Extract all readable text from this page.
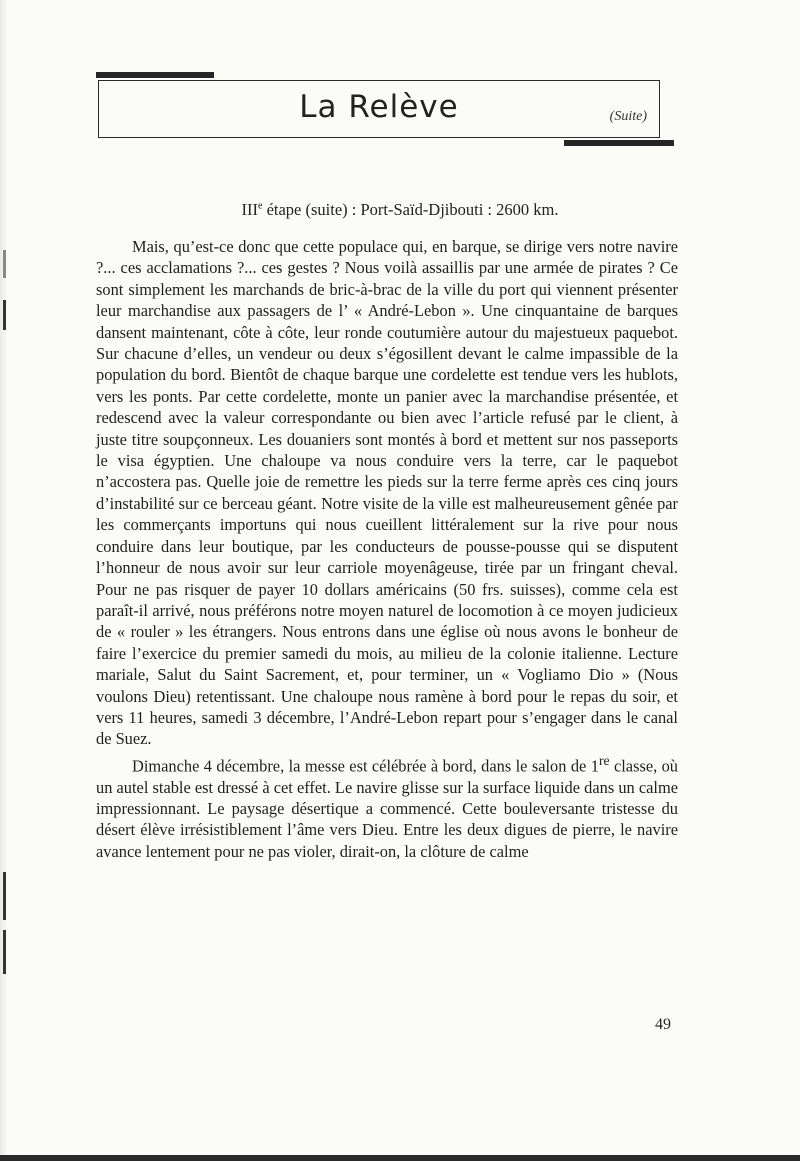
La Relève	(Suite)
IIIe étape (suite) : Port-Saïd-Djibouti : 2600 km.

Mais, qu’est-ce donc que cette populace qui, en barque, se dirige vers notre navire ?... ces acclamations ?... ces gestes ? Nous voilà assaillis par une armée de pirates ? Ce sont simplement les marchands de bric-à-brac de la ville du port qui viennent présenter leur marchandise aux passagers de l’ « André-Lebon ». Une cinquantaine de barques dansent maintenant, côte à côte, leur ronde coutumière autour du majestueux paquebot. Sur chacune d’elles, un vendeur ou deux s’égosillent devant le calme impassible de la population du bord. Bientôt de chaque barque une cordelette est tendue vers les hublots, vers les ponts. Par cette cordelette, monte un panier avec la marchandise présentée, et redescend avec la valeur correspondante ou bien avec l’article refusé par le client, à juste titre soupçonneux. Les douaniers sont montés à bord et mettent sur nos passeports le visa égyptien. Une chaloupe va nous conduire vers la terre, car le paquebot n’accostera pas. Quelle joie de remettre les pieds sur la terre ferme après ces cinq jours d’instabilité sur ce berceau géant. Notre visite de la ville est malheureusement gênée par les commerçants importuns qui nous cueillent littéralement sur la rive pour nous conduire dans leur boutique, par les conducteurs de pousse-pousse qui se disputent l’honneur de nous avoir sur leur carriole moyenâgeuse, tirée par un fringant cheval. Pour ne pas risquer de payer 10 dollars américains (50 frs. suisses), comme cela est paraît-il arrivé, nous préférons notre moyen naturel de locomotion à ce moyen judicieux de « rouler » les étrangers. Nous entrons dans une église où nous avons le bonheur de faire l’exercice du premier samedi du mois, au milieu de la colonie italienne. Lecture mariale, Salut du Saint Sacrement, et, pour terminer, un « Vogliamo Dio » (Nous voulons Dieu) retentissant. Une chaloupe nous ramène à bord pour le repas du soir, et vers 11 heures, samedi 3 décembre, l’André-Lebon repart pour s’engager dans le canal de Suez.

Dimanche 4 décembre, la messe est célébrée à bord, dans le salon de 1re classe, où un autel stable est dressé à cet effet. Le navire glisse sur la surface liquide dans un calme impressionnant. Le paysage désertique a commencé. Cette bouleversante tristesse du désert élève irrésistiblement l’âme vers Dieu. Entre les deux digues de pierre, le navire avance lentement pour ne pas violer, dirait-on, la clôture de calme

49
